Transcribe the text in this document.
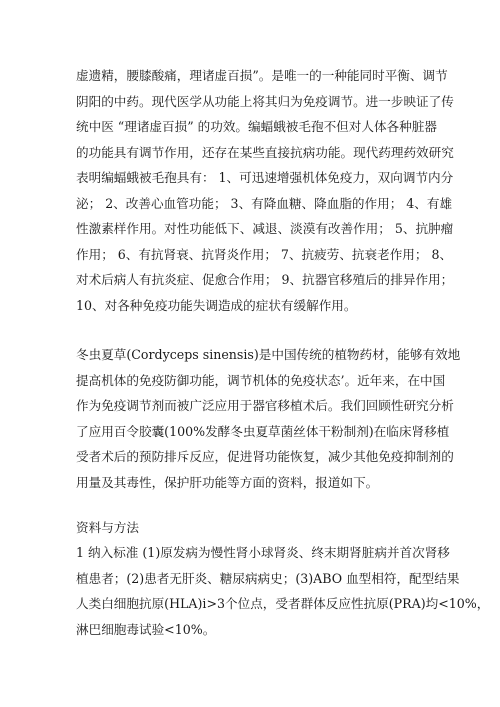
虚遗精，腰膝酸痛，理诸虚百损”。是唯一的一种能同时平衡、调节
阴阳的中药。现代医学从功能上将其归为免疫调节。进一步映证了传
统中医 “理诸虚百损” 的功效。编蝠蛾被毛孢不但对人体各种脏器
的功能具有调节作用，还存在某些直接抗病功能。现代药理药效研究
表明编蝠蛾被毛孢具有： 1、可迅速增强机体免疫力，双向调节内分
泌； 2、改善心血管功能； 3、有降血糖、降血脂的作用； 4、有雄
性激素样作用。对性功能低下、减退、淡漠有改善作用； 5、抗肿瘤
作用； 6、有抗肾衰、抗肾炎作用； 7、抗疲劳、抗衰老作用； 8、
对术后病人有抗炎症、促愈合作用； 9、抗器官移殖后的排异作用；
10、对各种免疫功能失调造成的症状有缓解作用。
冬虫夏草(Cordyceps sinensis)是中国传统的植物药材，能够有效地
提高机体的免疫防御功能，调节机体的免疫状态’。近年来，在中国
作为免疫调节剂而被广泛应用于器官移植术后。我们回顾性研究分析
了应用百令胶囊(100%发酵冬虫夏草菌丝体干粉制剂)在临床肾移植
受者术后的预防排斥反应，促进肾功能恢复，减少其他免疫抑制剂的
用量及其毒性，保护肝功能等方面的资料，报道如下。
资料与方法
1 纳入标准 (1)原发病为慢性肾小球肾炎、终末期肾脏病并首次肾移
植患者；(2)患者无肝炎、糖尿病病史；(3)ABO 血型相符，配型结果
人类白细胞抗原(HLA)i>3个位点，受者群体反应性抗原(PRA)均<10%，
淋巴细胞毒试验<10%。
